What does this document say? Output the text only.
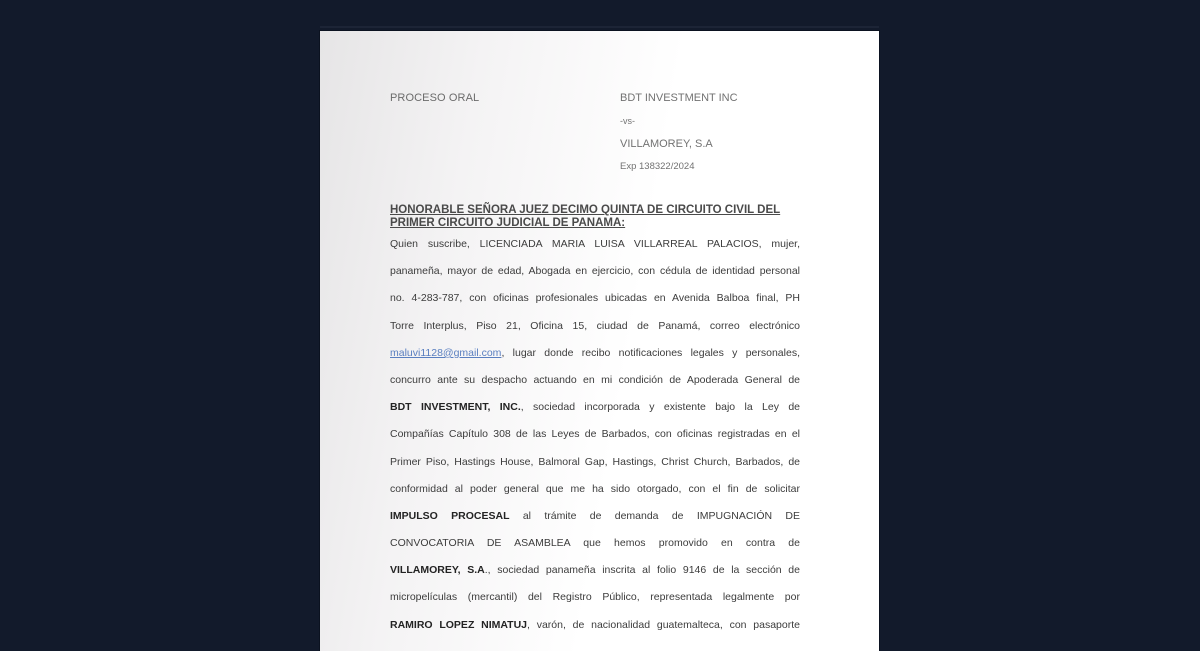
PROCESO ORAL	BDT INVESTMENT INC
-vs-
VILLAMOREY, S.A
Exp 138322/2024
HONORABLE SEÑORA JUEZ DECIMO QUINTA DE CIRCUITO CIVIL DEL
PRIMER CIRCUITO JUDICIAL DE PANAMA:
Quien suscribe, LICENCIADA MARIA LUISA VILLARREAL PALACIOS, mujer,
panameña, mayor de edad, Abogada en ejercicio, con cédula de identidad personal
no. 4-283-787, con oficinas profesionales ubicadas en Avenida Balboa final, PH
Torre Interplus, Piso 21, Oficina 15, ciudad de Panamá, correo electrónico
maluvi1128@gmail.com, lugar donde recibo notificaciones legales y personales,
concurro ante su despacho actuando en mi condición de Apoderada General de
BDT INVESTMENT, INC., sociedad incorporada y existente bajo la Ley de
Compañías Capítulo 308 de las Leyes de Barbados, con oficinas registradas en el
Primer Piso, Hastings House, Balmoral Gap, Hastings, Christ Church, Barbados, de
conformidad al poder general que me ha sido otorgado, con el fin de solicitar
IMPULSO PROCESAL al trámite de demanda de IMPUGNACIÓN DE
CONVOCATORIA DE ASAMBLEA que hemos promovido en contra de
VILLAMOREY, S.A., sociedad panameña inscrita al folio 9146 de la sección de
micropelículas (mercantil) del Registro Público, representada legalmente por
RAMIRO LOPEZ NIMATUJ, varón, de nacionalidad guatemalteca, con pasaporte
